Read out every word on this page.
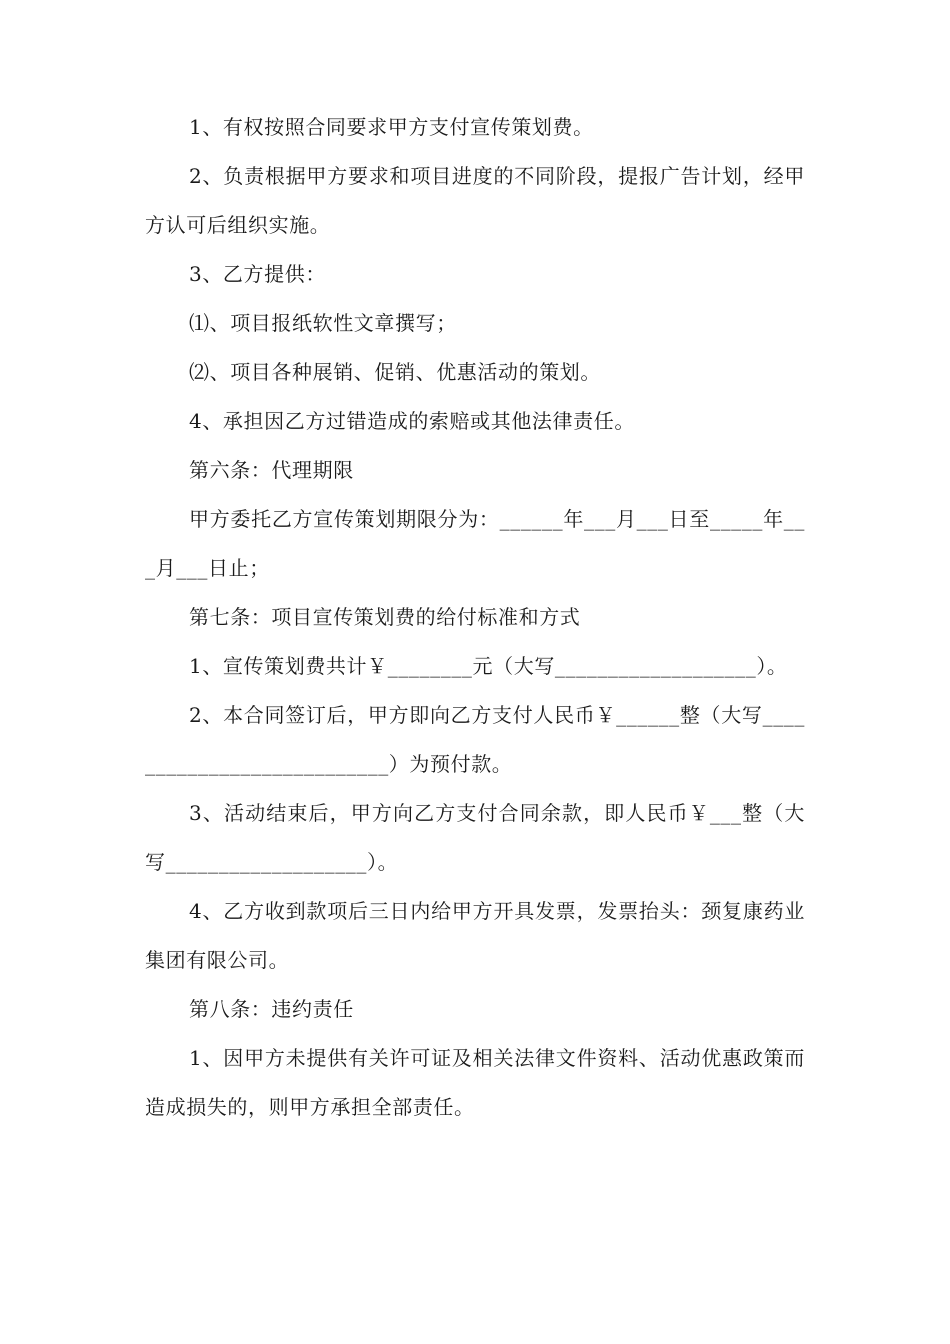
1、有权按照合同要求甲方支付宣传策划费。

2、负责根据甲方要求和项目进度的不同阶段，提报广告计划，经甲方认可后组织实施。

3、乙方提供：

⑴、项目报纸软性文章撰写；

⑵、项目各种展销、促销、优惠活动的策划。

4、承担因乙方过错造成的索赔或其他法律责任。

第六条：代理期限

甲方委托乙方宣传策划期限分为：______年___月___日至_____年___月___日止；

第七条：项目宣传策划费的给付标准和方式

1、宣传策划费共计￥________元（大写___________________）。

2、本合同签订后，甲方即向乙方支付人民币￥______整（大写___________________________）为预付款。

3、活动结束后，甲方向乙方支付合同余款，即人民币￥___整（大写___________________）。

4、乙方收到款项后三日内给甲方开具发票，发票抬头：颈复康药业集团有限公司。

第八条：违约责任

1、因甲方未提供有关许可证及相关法律文件资料、活动优惠政策而造成损失的，则甲方承担全部责任。
